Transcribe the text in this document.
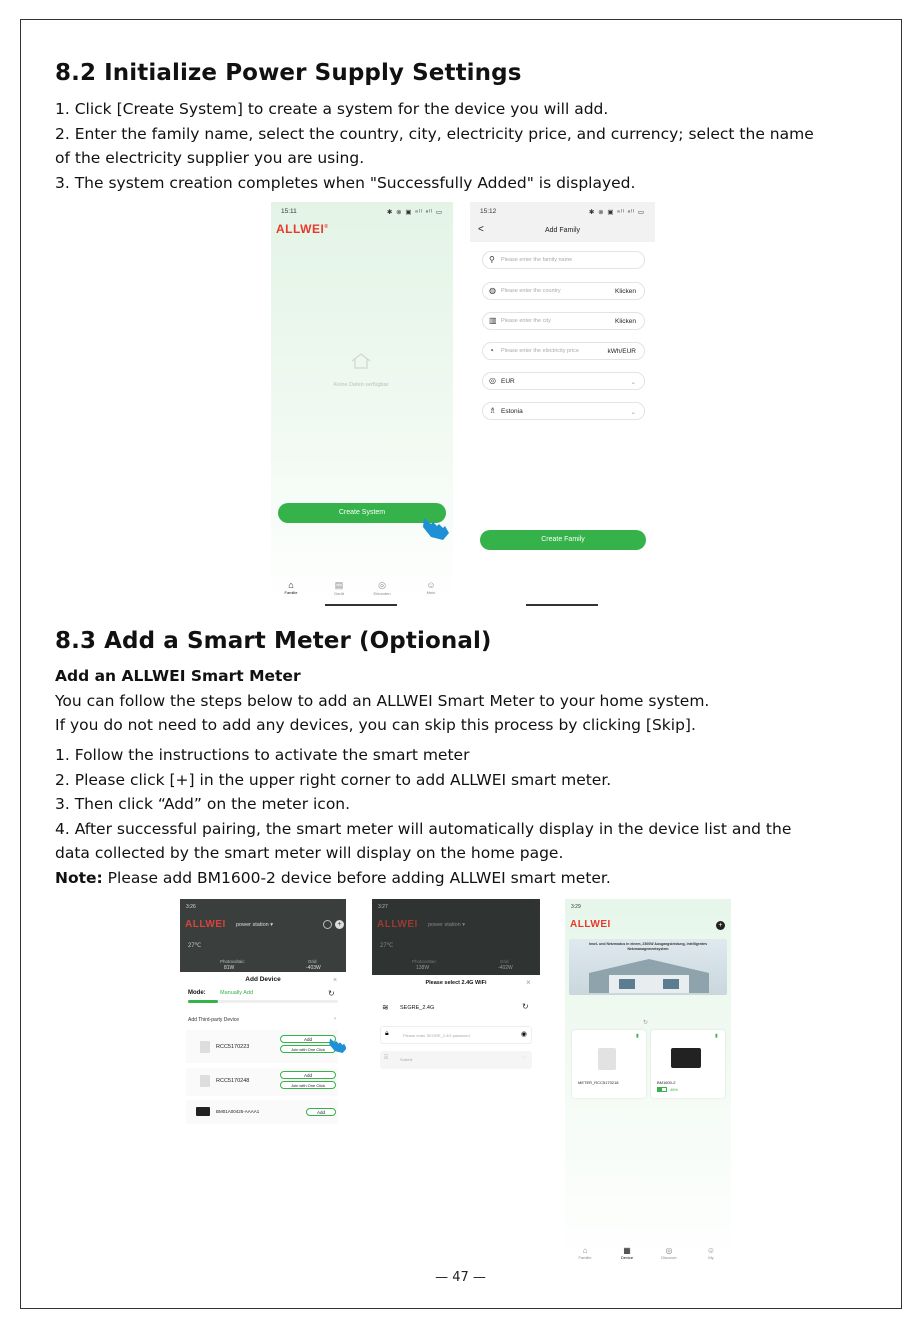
8.2 Initialize Power Supply Settings
1. Click [Create System] to create a system for the device you will add.
2. Enter the family name, select the country, city, electricity price, and currency; select the name
of the electricity supplier you are using.
3. The system creation completes when "Successfully Added" is displayed.
15:11	✱ ⊗ ▣ ᵃˡˡ ᵃˡˡ ▭
ALLWEI®
Keine Daten verfügbar
Create System
⌂
Familie
▤
Gerät
◎
Erkunden
☺
Mein
15:12	✱ ⊗ ▣ ᵃˡˡ ᵃˡˡ ▭
<	Add Family
⚲ Please enter the family name
◍ Please enter the country	Klicken
▥ Please enter the city	Klicken
◔ Please enter the electricity price	kWh/EUR
◎ EUR	⌄
♗ Estonia	⌄
Create Family
8.3 Add a Smart Meter (Optional)
Add an ALLWEI Smart Meter
You can follow the steps below to add an ALLWEI Smart Meter to your home system.
If you do not need to add any devices, you can skip this process by clicking [Skip].
1. Follow the instructions to activate the smart meter
2. Please click [+] in the upper right corner to add ALLWEI smart meter.
3. Then click “Add” on the meter icon.
4. After successful pairing, the smart meter will automatically display in the device list and the
data collected by the smart meter will display on the home page.
Note: Please add BM1600-2 device before adding ALLWEI smart meter.
3:26
ALLWEI power station ▾	+
27℃
Photovoltaic
81W
Grid
-403W
Add Device	×
Mode:	Manually Add	↻
Add Third-party Device	›
RCC5170223
Add
Join with One Click
RCC5170248
Add
Join with One Click
BM01A00425-AAAA1	Add
3:27
ALLWEI power station ▾
27℃
Photovoltaic
138W
Grid
-402W
Please select 2.4G WiFi	×
≋ SEGRE_2.4G	↻
🔒︎	Please enter SEGRE_2.4G password	◉
⌸	Submit	◌
3:29
ALLWEI	+
Insel- und Netzmodus in einem, 2300W Ausgangsleistung, intelligentes Netzmanagementsystem
↻
▮
METER_RCC5170218
▮
BM1600-2
46%
⌂
Familie
▦
Device
◎
Discover
☺
My
— 47 —
